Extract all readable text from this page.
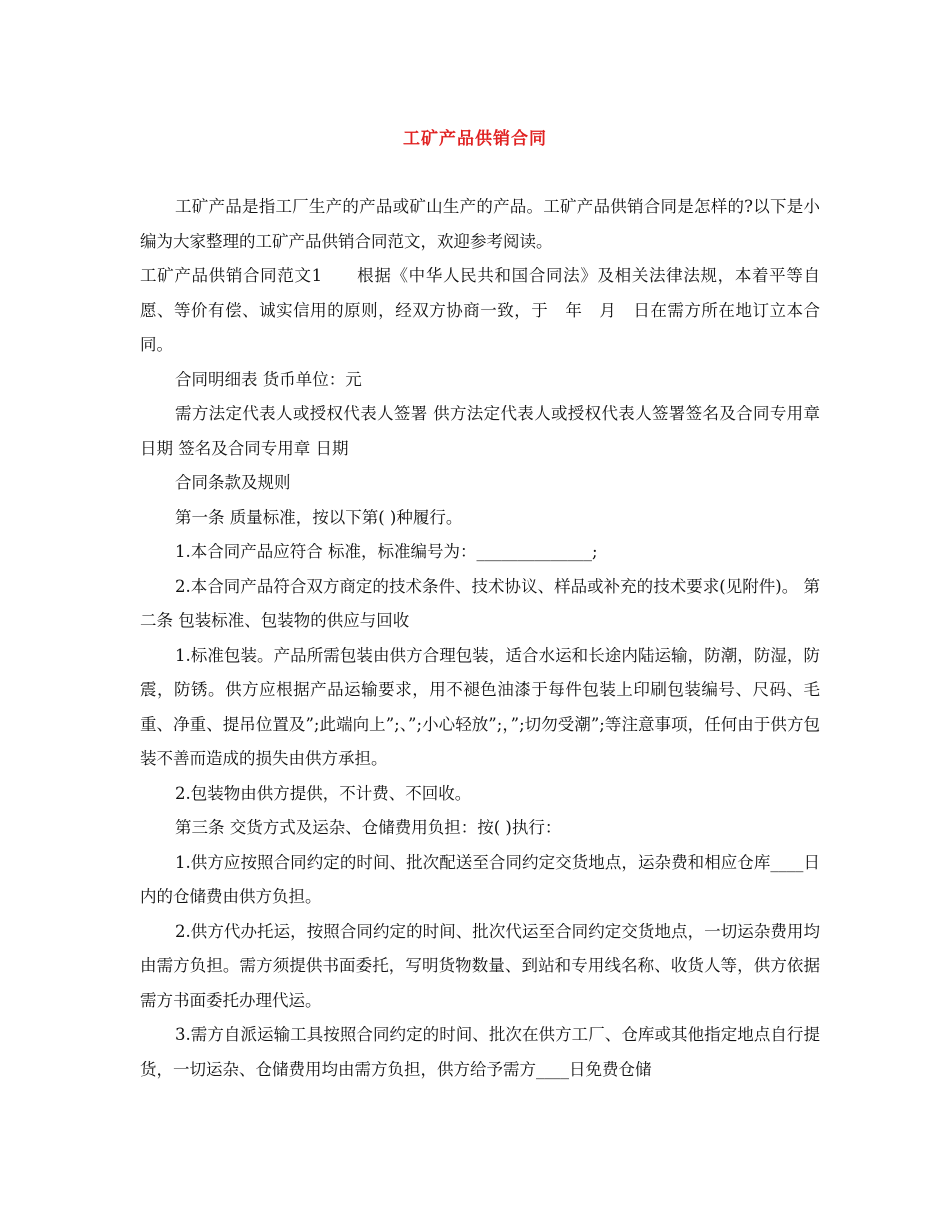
工矿产品供销合同

工矿产品是指工厂生产的产品或矿山生产的产品。工矿产品供销合同是怎样的?以下是小编为大家整理的工矿产品供销合同范文，欢迎参考阅读。

工矿产品供销合同范文1　　根据《中华人民共和国合同法》及相关法律法规，本着平等自愿、等价有偿、诚实信用的原则，经双方协商一致，于　年　月　日在需方所在地订立本合同。

合同明细表 货币单位：元

需方法定代表人或授权代表人签署 供方法定代表人或授权代表人签署签名及合同专用章 日期 签名及合同专用章 日期

合同条款及规则

第一条 质量标准，按以下第( )种履行。

1.本合同产品应符合 标准，标准编号为：______________;

2.本合同产品符合双方商定的技术条件、技术协议、样品或补充的技术要求(见附件)。 第二条 包装标准、包装物的供应与回收

1.标准包装。产品所需包装由供方合理包装，适合水运和长途内陆运输，防潮，防湿，防震，防锈。供方应根据产品运输要求，用不褪色油漆于每件包装上印刷包装编号、尺码、毛重、净重、提吊位置及”;此端向上”;、”;小心轻放”;，”;切勿受潮”;等注意事项，任何由于供方包装不善而造成的损失由供方承担。

2.包装物由供方提供，不计费、不回收。

第三条 交货方式及运杂、仓储费用负担：按( )执行：

1.供方应按照合同约定的时间、批次配送至合同约定交货地点，运杂费和相应仓库____日内的仓储费由供方负担。

2.供方代办托运，按照合同约定的时间、批次代运至合同约定交货地点，一切运杂费用均由需方负担。需方须提供书面委托，写明货物数量、到站和专用线名称、收货人等，供方依据需方书面委托办理代运。

3.需方自派运输工具按照合同约定的时间、批次在供方工厂、仓库或其他指定地点自行提货，一切运杂、仓储费用均由需方负担，供方给予需方____日免费仓储
